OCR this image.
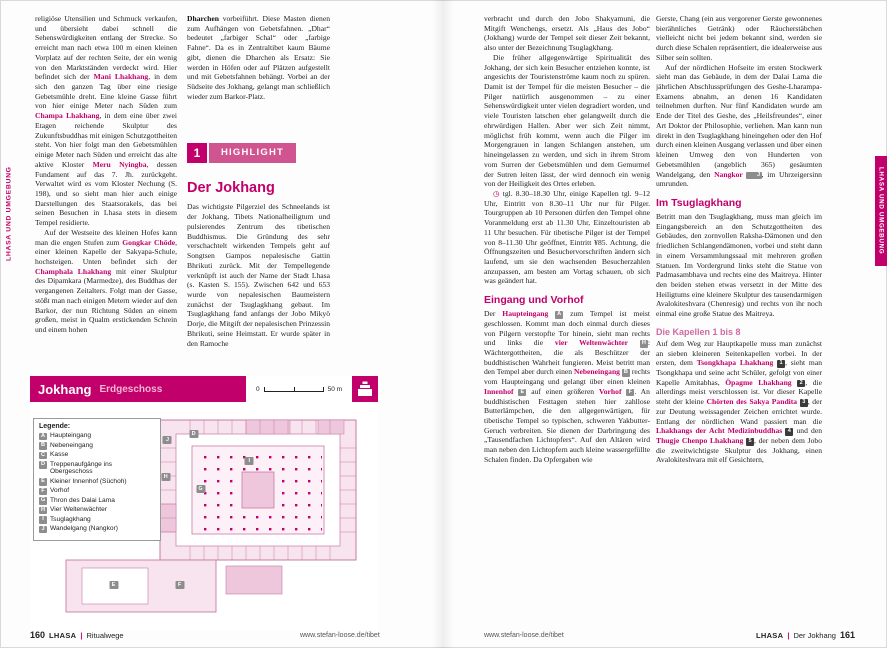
LHASA UND UMGEBUNG	LHASA UND UMGEBUNG

religiöse Utensilien und Schmuck verkaufen, und übersieht dabei schnell die Sehenswürdigkeiten entlang der Strecke. So erreicht man nach etwa 100 m einen kleinen Vorplatz auf der rechten Seite, der ein wenig von den Marktständen verdeckt wird. Hier befindet sich der Mani Lhakhang, in dem sich den ganzen Tag über eine riesige Gebetsmühle dreht. Eine kleine Gasse führt von hier einige Meter nach Süden zum Champa Lhakhang, in dem eine über zwei Etagen reichende Skulptur des Zukunftsbuddhas mit einigen Schutzgottheiten steht. Von hier folgt man den Gebetsmühlen einige Meter nach Süden und erreicht das alte aktive Kloster Meru Nyingba, dessen Fundament auf das 7. Jh. zurückgeht. Verwaltet wird es vom Kloster Nechung (S. 198), und so sieht man hier auch einige Darstellungen des Staatsorakels, das bei seinen Besuchen in Lhasa stets in diesem Tempel residierte.

Auf der Westseite des kleinen Hofes kann man die engen Stufen zum Gongkar Chöde, einer kleinen Kapelle der Sakyapa-Schule, hochsteigen. Unten befindet sich der Champhala Lhakhang mit einer Skulptur des Dipamkara (Marmedze), des Buddhas der vergangenen Zeitalters. Folgt man der Gasse, stößt man nach einigen Metern wieder auf den Barkor, der nun Richtung Süden an einem großen, meist in Qualm erstickenden Schrein und einem hohen

Dharchen vorbeiführt. Diese Masten dienen zum Aufhängen von Gebetsfahnen. „Dhar“ bedeutet „farbiger Schal“ oder „farbige Fahne“. Da es in Zentraltibet kaum Bäume gibt, dienen die Dharchen als Ersatz: Sie werden in Höfen oder auf Plätzen aufgestellt und mit Gebetsfahnen behängt. Vorbei an der Südseite des Jokhang, gelangt man schließlich wieder zum Barkor-Platz.

1	HIGHLIGHT
Der Jokhang

Das wichtigste Pilgerziel des Schneelands ist der Jokhang, Tibets Nationalheiligtum und pulsierendes Zentrum des tibetischen Buddhismus. Die Gründung des sehr verschachtelt wirkenden Tempels geht auf Songtsen Gampos nepalesische Gattin Bhrikuti zurück. Mit der Tempellegende verknüpft ist auch der Name der Stadt Lhasa (s. Kasten S. 155). Zwischen 642 und 653 wurde von nepalesischen Baumeistern zunächst der Tsuglagkhang gebaut. Im Tsuglagkhang fand anfangs der Jobo Mikyö Dorje, die Mitgift der nepalesischen Prinzessin Bhrikuti, seine Heimstatt. Er wurde später in den Ramoche

Jokhang Erdgeschoss	0	50 m
D
E	F
G
H
I
J
Legende:
A Haupteingang
B Nebeneingang
C Kasse
D Treppenaufgänge ins Obergeschoss
E Kleiner Innenhof (Süchoh)
F Vorhof
G Thron des Dalai Lama
H Vier Weltenwächter
I Tsuglagkhang
J Wandelgang (Nangkor)
160 LHASA | Ritualwege	www.stefan-loose.de/tibet

verbracht und durch den Jobo Shakyamuni, die Mitgift Wenchengs, ersetzt. Als „Haus des Jobo“ (Jokhang) wurde der Tempel seit dieser Zeit bekannt, also unter der Bezeichnung Tsuglagkhang.

Die früher allgegenwärtige Spiritualität des Jokhang, der sich kein Besucher entziehen konnte, ist angesichts der Touristenströme kaum noch zu spüren. Damit ist der Tempel für die meisten Besucher – die Pilger natürlich ausgenommen – zu einer Sehenswürdigkeit unter vielen degradiert worden, und viele Touristen latschen eher gelangweilt durch die ehrwürdigen Hallen. Aber wer sich Zeit nimmt, möglichst früh kommt, wenn auch die Pilger im Morgengrauen in langen Schlangen anstehen, um hineingelassen zu werden, und sich in ihrem Strom vom Surren der Gebetsmühlen und dem Gemurmel der Sutren leiten lässt, der wird dennoch ein wenig von der Heiligkeit des Ortes erleben.

◷ tgl. 8.30–18.30 Uhr, einige Kapellen tgl. 9–12 Uhr, Eintritt von 8.30–11 Uhr nur für Pilger. Tourgruppen ab 10 Personen dürfen den Tempel ohne Voranmeldung erst ab 11.30 Uhr, Einzeltouristen ab 11 Uhr besuchen. Für tibetische Pilger ist der Tempel von 8–11.30 Uhr geöffnet, Eintritt ¥85. Achtung, die Öffnungszeiten und Besuchervorschriften ändern sich laufend, um sie den wachsenden Besucherzahlen anzupassen, am besten am Vortag schauen, ob sich was geändert hat.

Eingang und Vorhof

Der Haupteingang A zum Tempel ist meist geschlossen. Kommt man doch einmal durch dieses von Pilgern verstopfte Tor hinein, sieht man rechts und links die vier Weltenwächter H : Wächtergottheiten, die als Beschützer der buddhistischen Wahrheit fungieren. Meist betritt man den Tempel aber durch einen Nebeneingang B rechts vom Haupteingang und gelangt über einen kleinen Innenhof E auf einen größeren Vorhof F . An buddhistischen Festtagen stehen hier zahllose Butterlämpchen, die den allgegenwärtigen, für tibetische Tempel so typischen, schweren Yakbutter-Geruch verbreiten. Sie dienen der Darbringung des „Tausendfachen Lichtopfers“. Auf den Altären wird man neben den Lichtopfern auch kleine wassergefüllte Schalen finden. Da Opfergaben wie

Gerste, Chang (ein aus vergorener Gerste gewonnenes bierähnliches Getränk) oder Räucherstäbchen vielleicht nicht bei jedem bekannt sind, werden sie durch diese Schalen repräsentiert, die idealerweise aus Silber sein sollten.

Auf der nördlichen Hofseite im ersten Stockwerk sieht man das Gebäude, in dem der Dalai Lama die jährlichen Abschlussprüfungen des Geshe-Lharampa-Examens abnahm, an denen 16 Kandidaten teilnehmen durften. Nur fünf Kandidaten wurde am Ende der Titel des Geshe, des „Heilsfreundes“, einer Art Doktor der Philosophie, verliehen. Man kann nun direkt in den Tsuglagkhang hineingehen oder den Hof durch einen kleinen Ausgang verlassen und über einen kleinen Umweg den von Hunderten von Gebetsmühlen (angeblich 365) gesäumten Wandelgang, den Nangkor	J , im Uhrzeigersinn umrunden.

Im Tsuglagkhang

Betritt man den Tsuglagkhang, muss man gleich im Eingangsbereich an den Schutzgottheiten des Gebäudes, den zornvollen Raksha-Dämonen und den friedlichen Schlangendämonen, vorbei und steht dann in einem Versammlungssaal mit mehreren großen Statuen. Im Vordergrund links steht die Statue von Padmasambhava und rechts eine des Maitreya. Hinter den beiden stehen etwas versetzt in der Mitte des Heiligtums eine kleinere Skulptur des tausendarmigen Avalokiteshvara (Chenresig) und rechts von ihr noch einmal eine große Statue des Maitreya.

Die Kapellen 1 bis 8

Auf dem Weg zur Hauptkapelle muss man zunächst an sieben kleineren Seitenkapellen vorbei. In der ersten, dem Tsongkhapa Lhakhang 1 , sieht man Tsongkhapa und seine acht Schüler, gefolgt von einer Kapelle Amitabhas, Öpagme Lhakhang 2 , die allerdings meist verschlossen ist. Vor dieser Kapelle steht der kleine Chörten des Sakya Pandita 3 , der zur Deutung weissagender Zeichen errichtet wurde. Entlang der nördlichen Wand passiert man die Lhakhangs der Acht Medizinbuddhas 4 und den Thugje Chenpo Lhakhang 5 , der neben dem Jobo die zweitwichtigste Skulptur des Jokhang, einen Avalokiteshvara mit elf Gesichtern,

www.stefan-loose.de/tibet	LHASA | Der Jokhang 161
